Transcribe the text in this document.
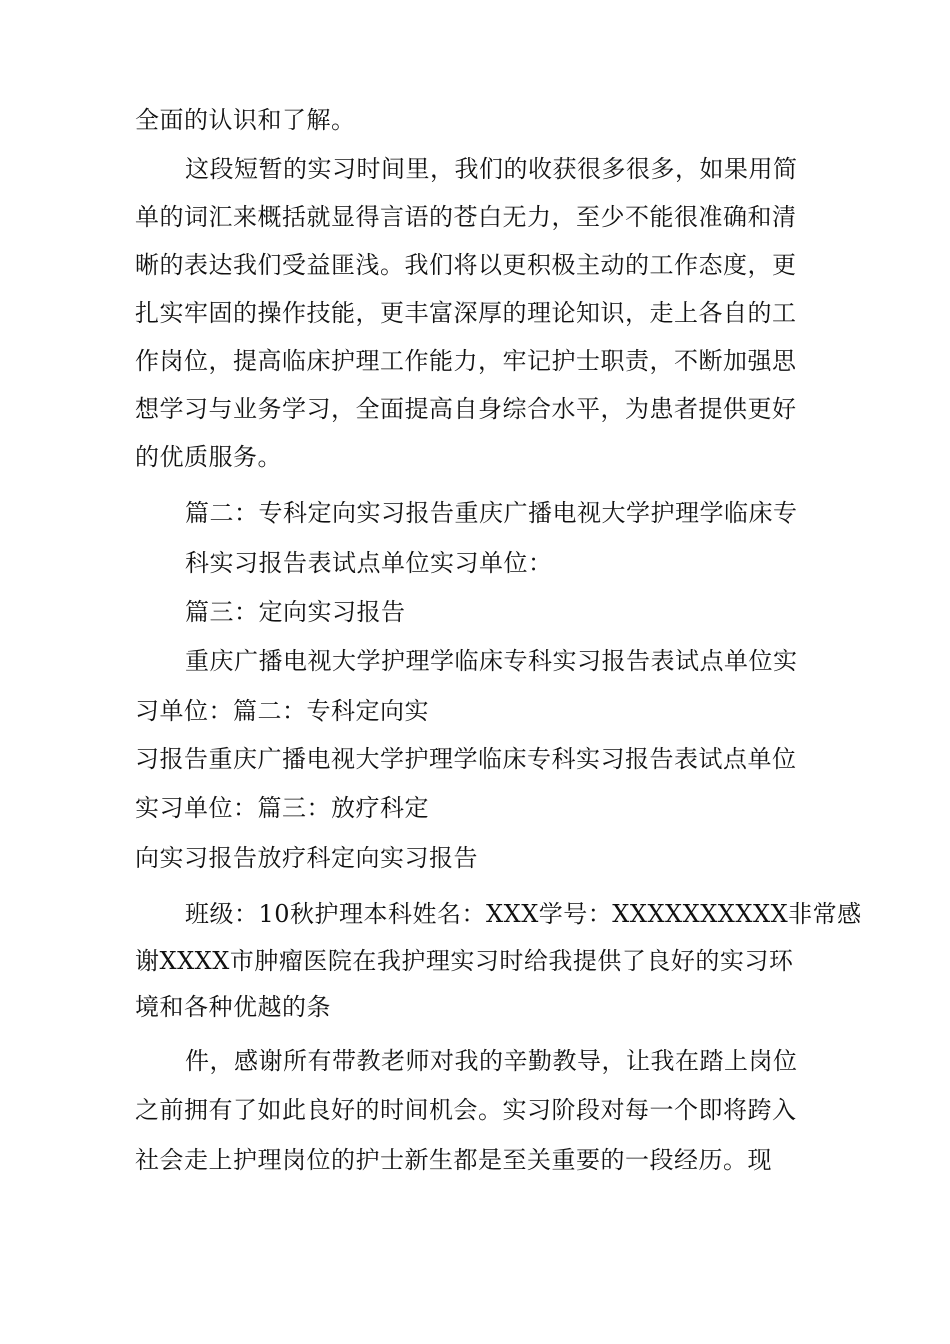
全面的认识和了解。
这段短暂的实习时间里，我们的收获很多很多，如果用简
单的词汇来概括就显得言语的苍白无力，至少不能很准确和清
晰的表达我们受益匪浅。我们将以更积极主动的工作态度，更
扎实牢固的操作技能，更丰富深厚的理论知识，走上各自的工
作岗位，提高临床护理工作能力，牢记护士职责，不断加强思
想学习与业务学习，全面提高自身综合水平，为患者提供更好
的优质服务。
篇二：专科定向实习报告重庆广播电视大学护理学临床专
科实习报告表试点单位实习单位：
篇三：定向实习报告
重庆广播电视大学护理学临床专科实习报告表试点单位实
习单位：篇二：专科定向实
习报告重庆广播电视大学护理学临床专科实习报告表试点单位
实习单位：篇三：放疗科定
向实习报告放疗科定向实习报告
班级：10秋护理本科姓名：XXX学号：XXXXXXXXXX非常感
谢XXXX市肿瘤医院在我护理实习时给我提供了良好的实习环
境和各种优越的条
件，感谢所有带教老师对我的辛勤教导，让我在踏上岗位
之前拥有了如此良好的时间机会。实习阶段对每一个即将跨入
社会走上护理岗位的护士新生都是至关重要的一段经历。现
